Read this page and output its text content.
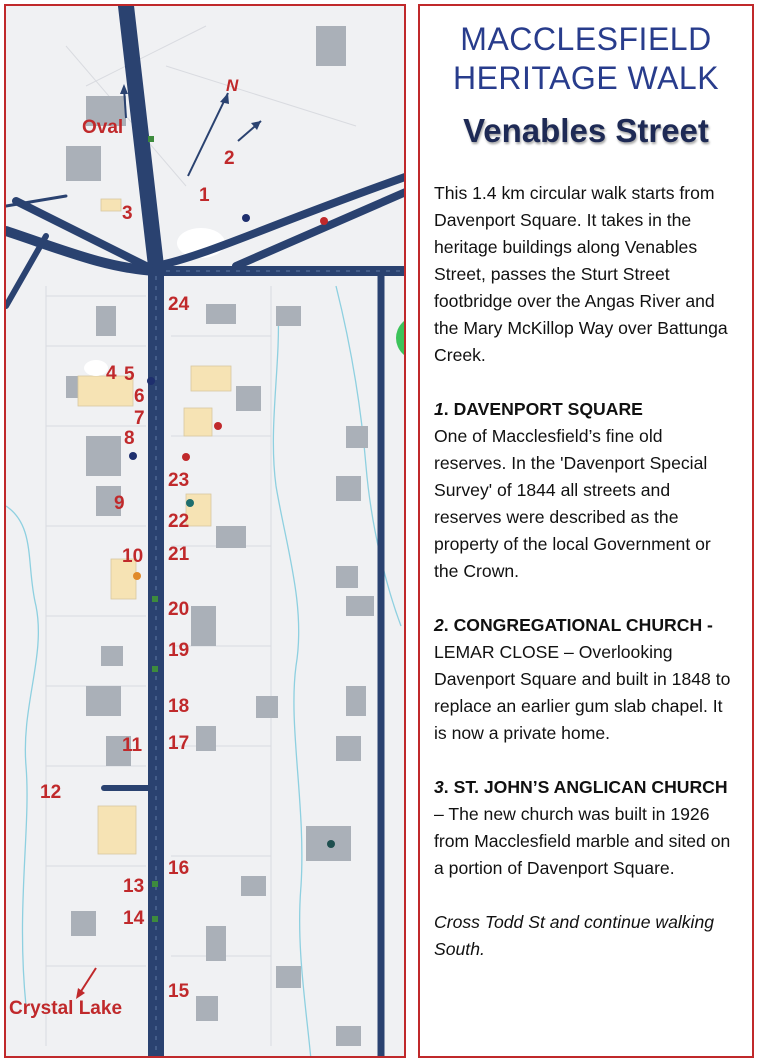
N
Oval
Crystal Lake
1
2
3
4 5
6
7
8
9
10
11
12
13
14
15
16
17
18
19
20
21
22
23
24
MACCLESFIELD
HERITAGE WALK
Venables Street

This 1.4 km circular walk starts from Davenport Square. It takes in the heritage buildings along Venables Street, passes the Sturt Street footbridge over the Angas River and the Mary McKillop Way over Battunga Creek.

1. DAVENPORT SQUARE
One of Macclesfield’s fine old reserves. In the 'Davenport Special Survey' of 1844 all streets and reserves were described as the property of the local Government or the Crown.

2. CONGREGATIONAL CHURCH -
LEMAR CLOSE – Overlooking Davenport Square and built in 1848 to replace an earlier gum slab chapel. It is now a private home.

3. ST. JOHN’S ANGLICAN CHURCH – The new church was built in 1926 from Macclesfield marble and sited on a portion of Davenport Square.

Cross Todd St and continue walking South.
